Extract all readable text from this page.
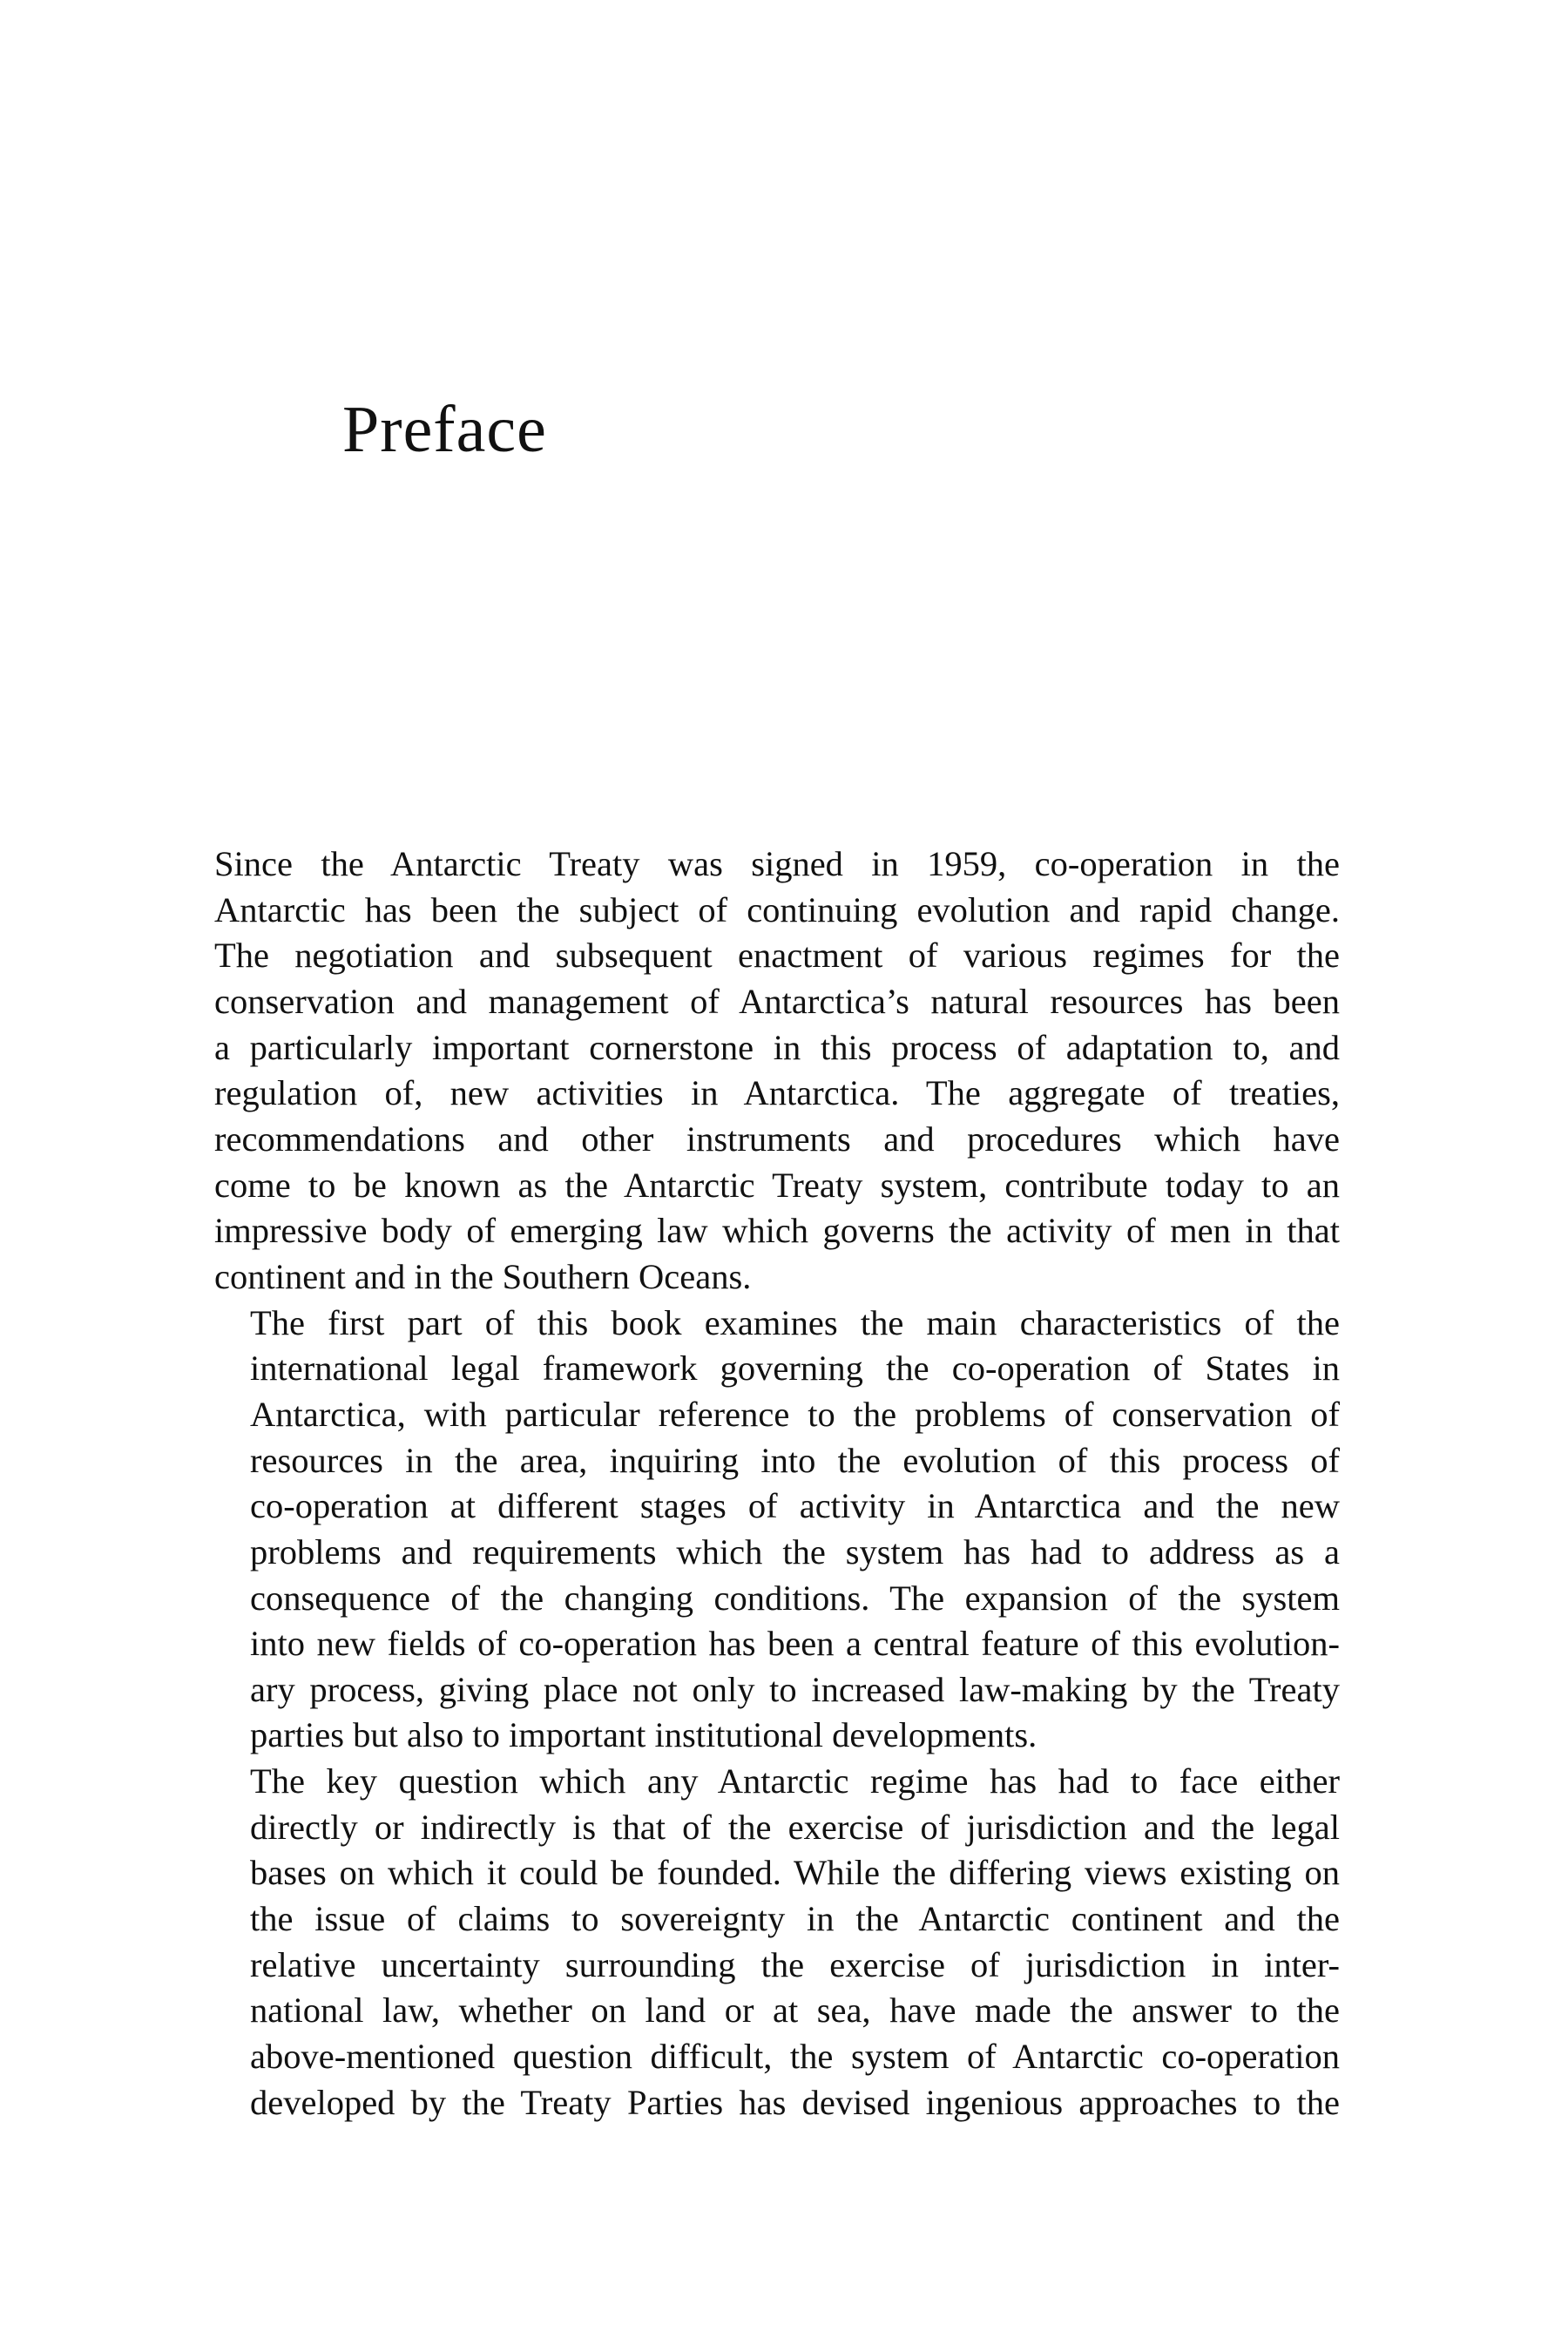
Preface

Since the Antarctic Treaty was signed in 1959, co-operation in the
Antarctic has been the subject of continuing evolution and rapid change.
The negotiation and subsequent enactment of various regimes for the
conservation and management of Antarctica’s natural resources has been
a particularly important cornerstone in this process of adaptation to, and
regulation of, new activities in Antarctica. The aggregate of treaties,
recommendations and other instruments and procedures which have
come to be known as the Antarctic Treaty system, contribute today to an
impressive body of emerging law which governs the activity of men in that
continent and in the Southern Oceans.

The first part of this book examines the main characteristics of the
international legal framework governing the co-operation of States in
Antarctica, with particular reference to the problems of conservation of
resources in the area, inquiring into the evolution of this process of
co-operation at different stages of activity in Antarctica and the new
problems and requirements which the system has had to address as a
consequence of the changing conditions. The expansion of the system
into new fields of co-operation has been a central feature of this evolution-
ary process, giving place not only to increased law-making by the Treaty
parties but also to important institutional developments.

The key question which any Antarctic regime has had to face either
directly or indirectly is that of the exercise of jurisdiction and the legal
bases on which it could be founded. While the differing views existing on
the issue of claims to sovereignty in the Antarctic continent and the
relative uncertainty surrounding the exercise of jurisdiction in inter-
national law, whether on land or at sea, have made the answer to the
above-mentioned question difficult, the system of Antarctic co-operation
developed by the Treaty Parties has devised ingenious approaches to the
